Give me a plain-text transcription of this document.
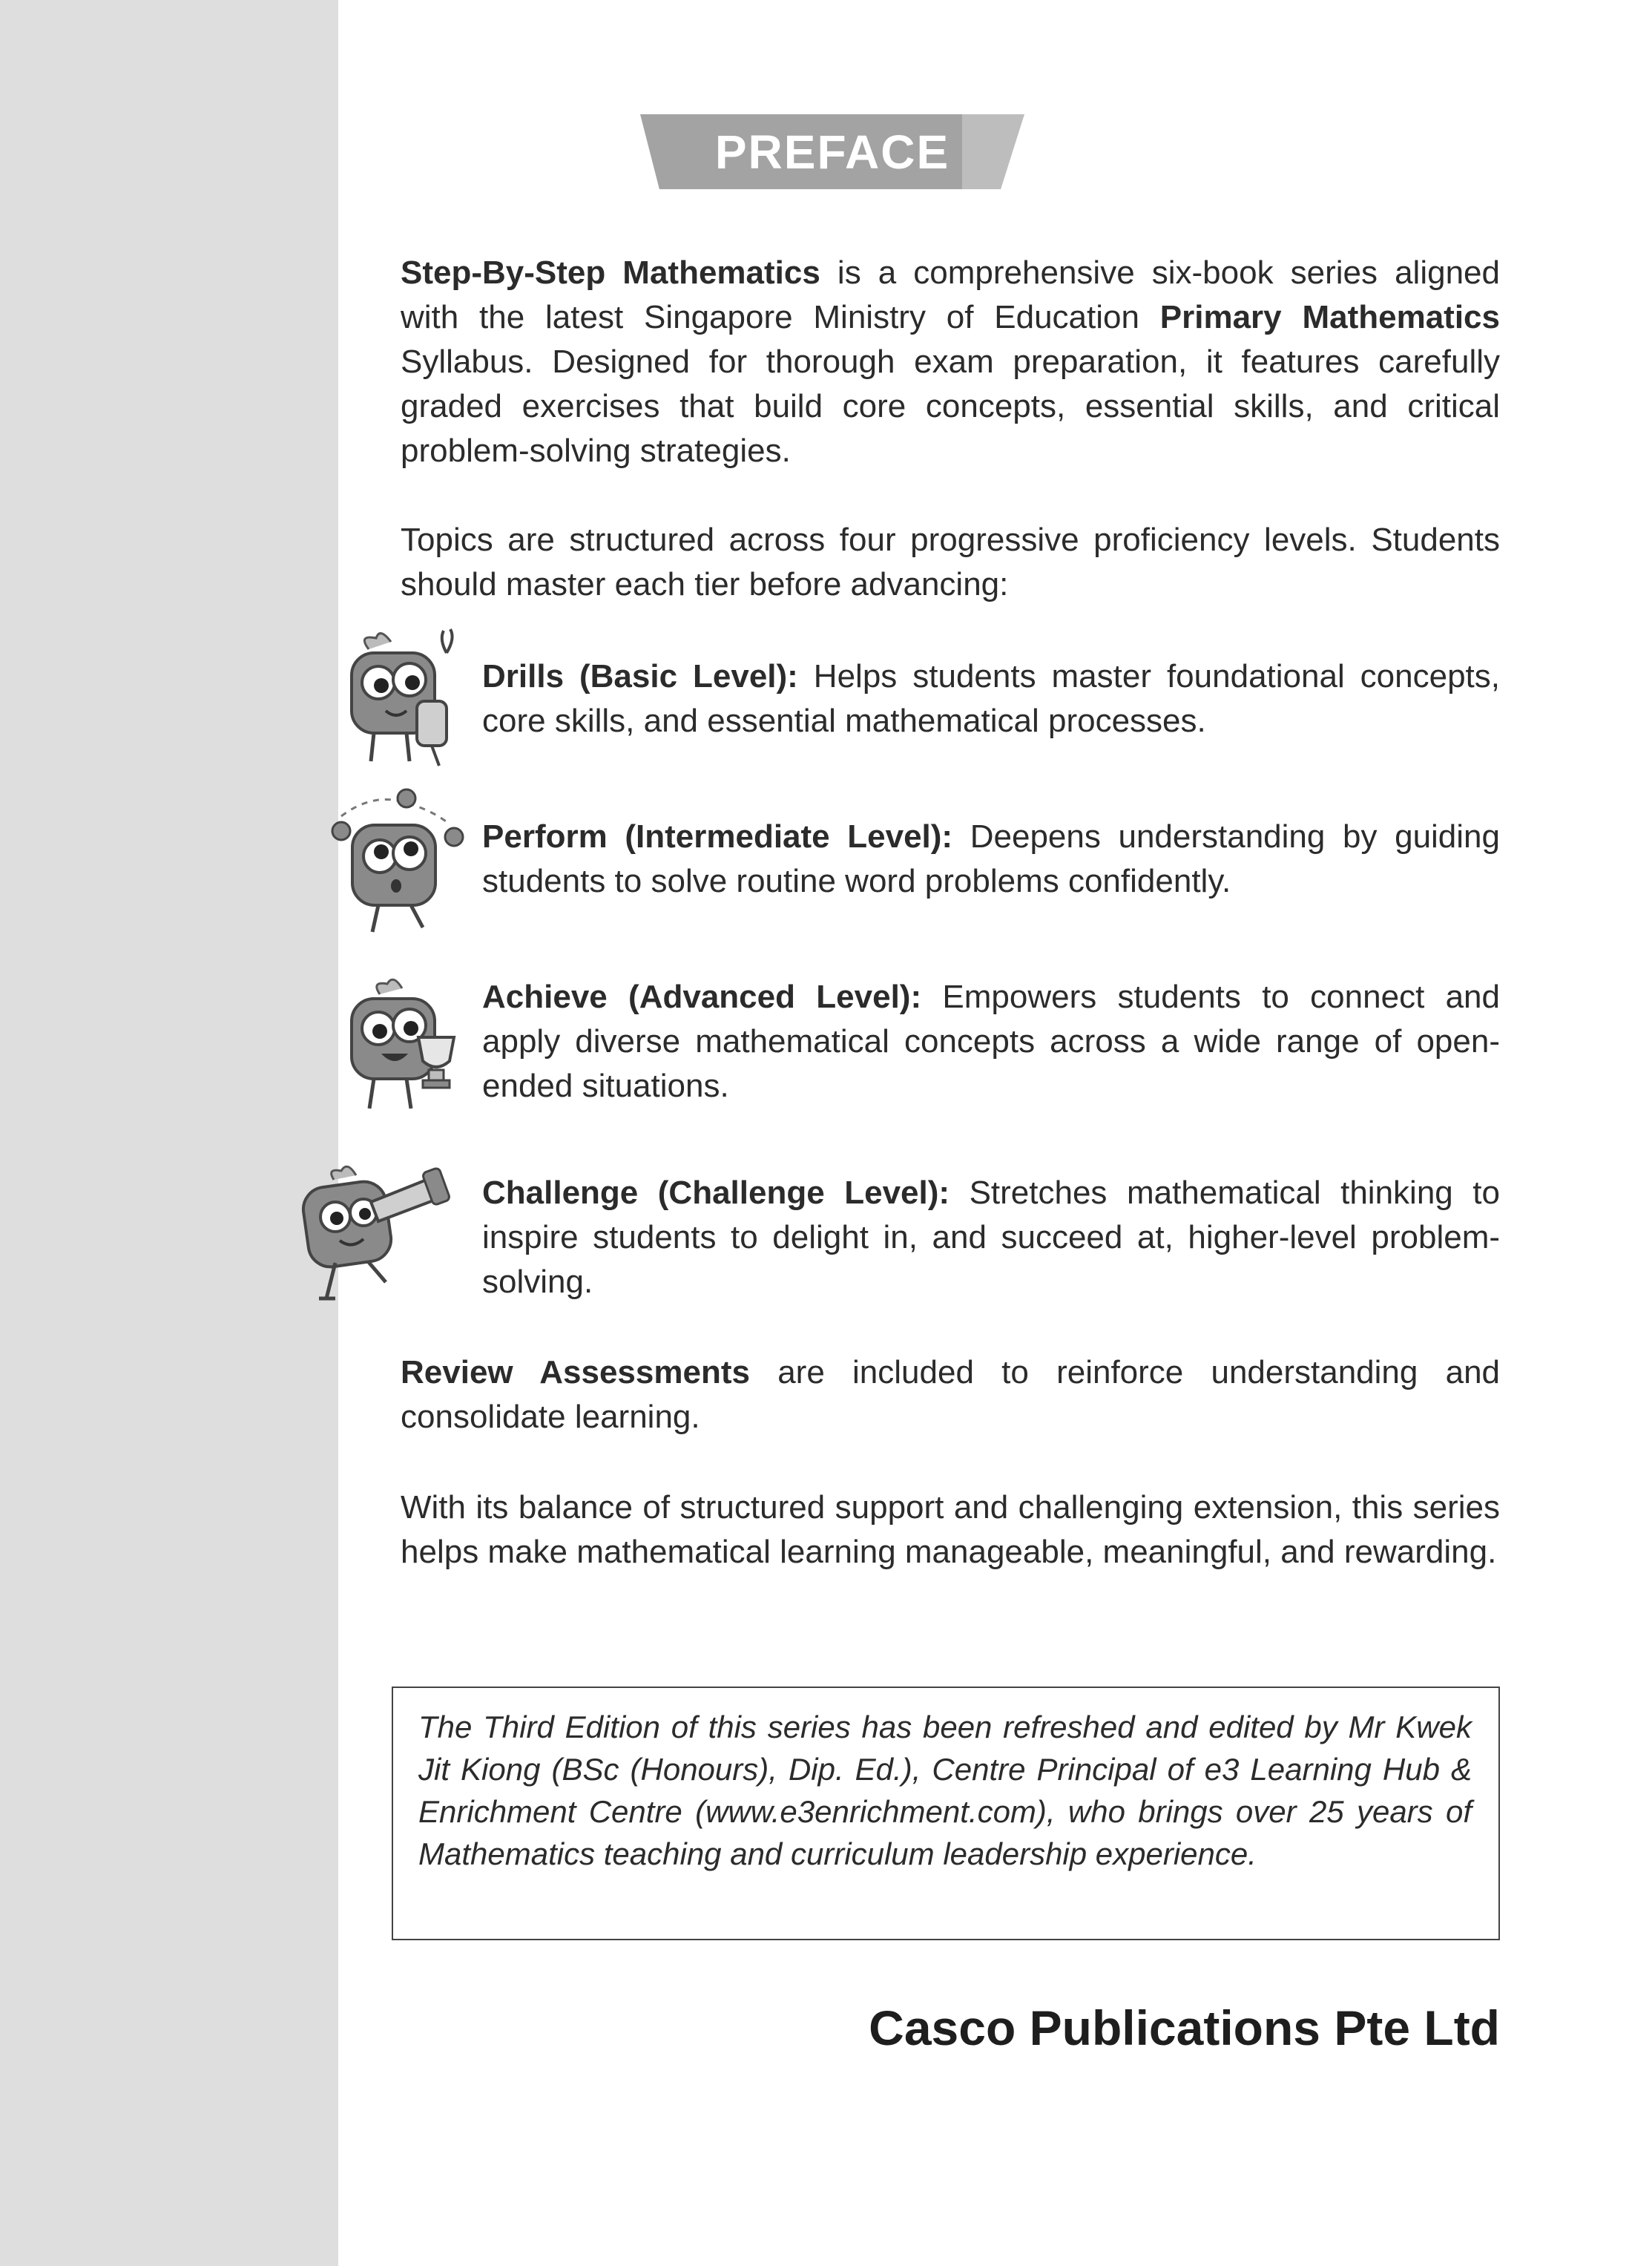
PREFACE

Step-By-Step Mathematics is a comprehensive six-book series aligned with the latest Singapore Ministry of Education Primary Mathematics Syllabus. Designed for thorough exam preparation, it features carefully graded exercises that build core concepts, essential skills, and critical problem-solving strategies.

Topics are structured across four progressive proficiency levels. Students should master each tier before advancing:

Drills (Basic Level): Helps students master foundational concepts, core skills, and essential mathematical processes.

Perform (Intermediate Level): Deepens understanding by guiding students to solve routine word problems confidently.

Achieve (Advanced Level): Empowers students to connect and apply diverse mathematical concepts across a wide range of open-ended situations.

Challenge (Challenge Level): Stretches mathematical thinking to inspire students to delight in, and succeed at, higher-level problem-solving.

Review Assessments are included to reinforce understanding and consolidate learning.

With its balance of structured support and challenging extension, this series helps make mathematical learning manageable, meaningful, and rewarding.

The Third Edition of this series has been refreshed and edited by Mr Kwek Jit Kiong (BSc (Honours), Dip. Ed.), Centre Principal of e3 Learning Hub & Enrichment Centre (www.e3enrichment.com), who brings over 25 years of Mathematics teaching and curriculum leadership experience.

Casco Publications Pte Ltd
